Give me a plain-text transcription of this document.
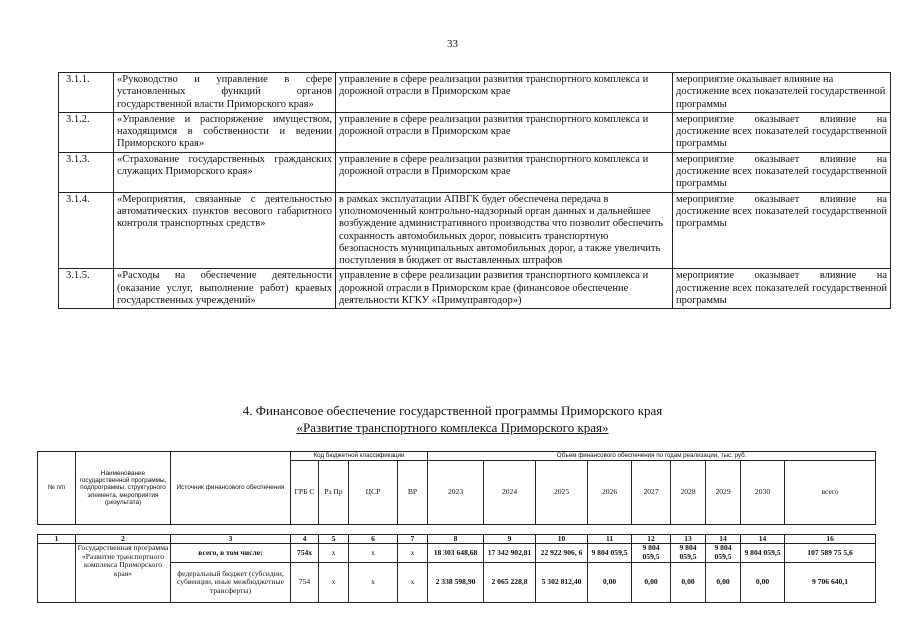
33
3.1.1.	«Руководство и управление в сфере установленных функций органов государственной власти Приморского края»	управление в сфере реализации развития транспортного комплекса и дорожной отрасли в Приморском крае	мероприятие оказывает влияние на достижение всех показателей государственной программы
3.1.2.	«Управление и распоряжение имуществом, находящимся в собственности и ведении Приморского края»	управление в сфере реализации развития транспортного комплекса и дорожной отрасли в Приморском крае	мероприятие оказывает влияние на достижение всех показателей государственной программы
3.1.3.	«Страхование государственных гражданских служащих Приморского края»	управление в сфере реализации развития транспортного комплекса и дорожной отрасли в Приморском крае	мероприятие оказывает влияние на достижение всех показателей государственной программы
3.1.4.	«Мероприятия, связанные с деятельностью автоматических пунктов весового габаритного контроля транспортных средств»	в рамках эксплуатации АПВГК будет обеспечена передача в уполномоченный контрольно-надзорный орган данных и дальнейшее возбуждение административного производства что позволит обеспечить сохранность автомобильных дорог, повысить транспортную безопасность муниципальных автомобильных дорог, а также увеличить поступления в бюджет от выставленных штрафов	мероприятие оказывает влияние на достижение всех показателей государственной программы
3.1.5.	«Расходы на обеспечение деятельности (оказание услуг, выполнение работ) краевых государственных учреждений»	управление в сфере реализации развития транспортного комплекса и дорожной отрасли в Приморском крае (финансовое обеспечение деятельности КГКУ «Примуправтодор»)	мероприятие оказывает влияние на достижение всех показателей государственной программы
4. Финансовое обеспечение государственной программы Приморского края
«Развитие транспортного комплекса Приморского края»
№ п/п	Наименование государственной программы, подпрограммы, структурного элемента, мероприятия (результата)	Источник финансового обеспечения	Код бюджетной классификации				Объем финансового обеспечения по годам реализации, тыс. руб.								
			ГРБ С	Рз Пр	ЦСР	ВР	2023	2024	2025	2026	2027	2028	2029	2030	всего

1	2	3	4	5	6	7	8	9	10	11	12	13	14	14	16
	Государственная программа «Развитие транспортного комплекса Приморского края»	всего, в том числе:	754х	х	х	х	18 303 648,68	17 342 902,81	22 922 906, 6	9 804 059,5	9 804 059,5	9 804 059,5	9 804 059,5	9 804 059,5	107 589 75 5,6
		федеральный бюджет (субсидии, субвенции, иные межбюджетные трансферты)	754	х	х	х	2 338 598,90	2 065 228,8	5 302 812,40	0,00	0,00	0,00	0,00	0,00	9 706 640,1
